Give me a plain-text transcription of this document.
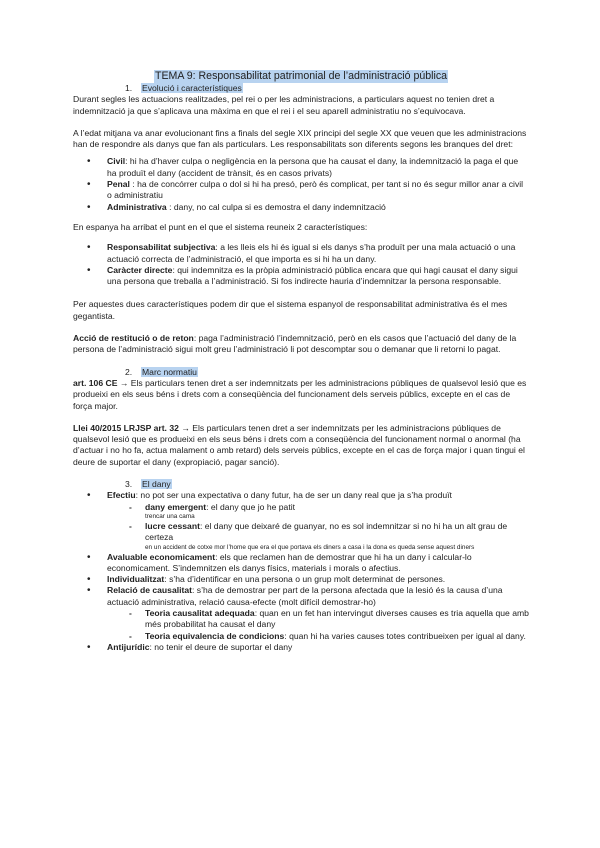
TEMA 9: Responsabilitat patrimonial de l’administració pública
1. Evolució i característiques

Durant segles les actuacions realitzades, pel rei o per les administracions, a particulars aquest no tenien dret a indemnització ja que s’aplicava una màxima en que el rei i el seu aparell administratiu no s’equivocava.

A l’edat mitjana va anar evolucionant fins a finals del segle XIX principi del segle XX que veuen que les administracions han de respondre als danys que fan als particulars. Les responsabilitats son diferents segons les branques del dret:

• Civil: hi ha d’haver culpa o negligència en la persona que ha causat el dany, la indemnització la paga el que ha produït el dany (accident de trànsit, és en casos privats)
• Penal : ha de concórrer culpa o dol si hi ha presó, però és complicat, per tant si no és segur millor anar a civil o administratiu
• Administrativa : dany, no cal culpa si es demostra el dany indemnització

En espanya ha arribat el punt en el que el sistema reuneix 2 característiques:

• Responsabilitat subjectiva: a les lleis els hi és igual si els danys s’ha produït per una mala actuació o una actuació correcta de l’administració, el que importa es si hi ha un dany.
• Caràcter directe: qui indemnitza es la pròpia administració pública encara que qui hagi causat el dany sigui una persona que treballa a l’administració. Si fos indirecte hauria d’indemnitzar la persona responsable.

Per aquestes dues característiques podem dir que el sistema espanyol de responsabilitat administrativa és el mes gegantista.

Acció de restitució o de reton: paga l’administració l’indemnització, però en els casos que l’actuació del dany de la persona de l’administració sigui molt greu l’administració li pot descomptar sou o demanar que li retorni lo pagat.

2. Marc normatiu

art. 106 CE → Els particulars tenen dret a ser indemnitzats per les administracions públiques de qualsevol lesió que es produeixi en els seus béns i drets com a conseqüència del funcionament dels serveis públics, excepte en el cas de força major.

Llei 40/2015 LRJSP art. 32 → Els particulars tenen dret a ser indemnitzats per les administracions públiques de qualsevol lesió que es produeixi en els seus béns i drets com a conseqüència del funcionament normal o anormal (ha d’actuar i no ho fa, actua malament o amb retard) dels serveis públics, excepte en el cas de força major i quan tingui el deure de suportar el dany (expropiació, pagar sanció).

3. El dany
• Efectiu: no pot ser una expectativa o dany futur, ha de ser un dany real que ja s’ha produït
- dany emergent: el dany que jo he patit
trencar una cama
- lucre cessant: el dany que deixaré de guanyar, no es sol indemnitzar si no hi ha un alt grau de certeza
en un accident de cotxe mor l’home que era el que portava els diners a casa i la dona es queda sense aquest diners
• Avaluable economicament: els que reclamen han de demostrar que hi ha un dany i calcular-lo economicament. S’indemnitzen els danys físics, materials i morals o afectius.
• Individualitzat: s’ha d’identificar en una persona o un grup molt determinat de persones.
• Relació de causalitat: s’ha de demostrar per part de la persona afectada que la lesió és la causa d’una actuació administrativa, relació causa-efecte (molt difícil demostrar-ho)
- Teoria causalitat adequada: quan en un fet han intervingut diverses causes es tria aquella que amb més probabilitat ha causat el dany
- Teoria equivalencia de condicions: quan hi ha varies causes totes contribueixen per igual al dany.
• Antijurídic: no tenir el deure de suportar el dany
